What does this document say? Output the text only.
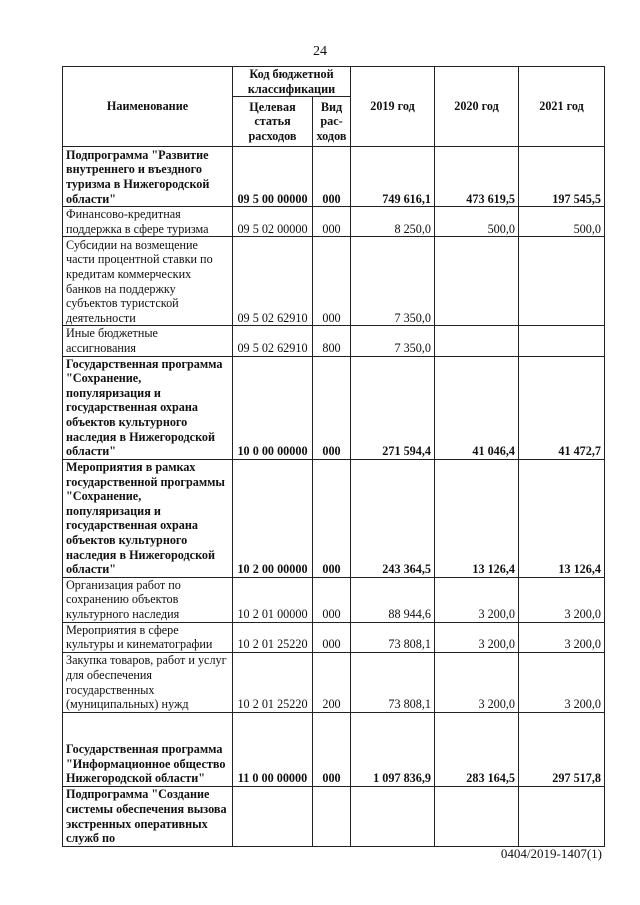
24
Наименование	Код бюджетной классификации		2019 год	2020 год	2021 год
	Целевая статья расходов	Вид рас-ходов			
Подпрограмма "Развитие внутреннего и въездного туризма в Нижегородской области"	09 5 00 00000	000	749 616,1	473 619,5	197 545,5
Финансово-кредитная поддержка в сфере туризма	09 5 02 00000	000	8 250,0	500,0	500,0
Субсидии на возмещение части процентной ставки по кредитам коммерческих банков на поддержку субъектов туристской деятельности	09 5 02 62910	000	7 350,0		
Иные бюджетные ассигнования	09 5 02 62910	800	7 350,0		
Государственная программа "Сохранение, популяризация и государственная охрана объектов культурного наследия в Нижегородской области"	10 0 00 00000	000	271 594,4	41 046,4	41 472,7
Мероприятия в рамках государственной программы "Сохранение, популяризация и государственная охрана объектов культурного наследия в Нижегородской области"	10 2 00 00000	000	243 364,5	13 126,4	13 126,4
Организация работ по сохранению объектов культурного наследия	10 2 01 00000	000	88 944,6	3 200,0	3 200,0
Мероприятия в сфере культуры и кинематографии	10 2 01 25220	000	73 808,1	3 200,0	3 200,0
Закупка товаров, работ и услуг для обеспечения государственных (муниципальных) нужд	10 2 01 25220	200	73 808,1	3 200,0	3 200,0
Государственная программа "Информационное общество Нижегородской области"	11 0 00 00000	000	1 097 836,9	283 164,5	297 517,8
Подпрограмма "Создание системы обеспечения вызова экстренных оперативных служб по					
0404/2019-1407(1)
